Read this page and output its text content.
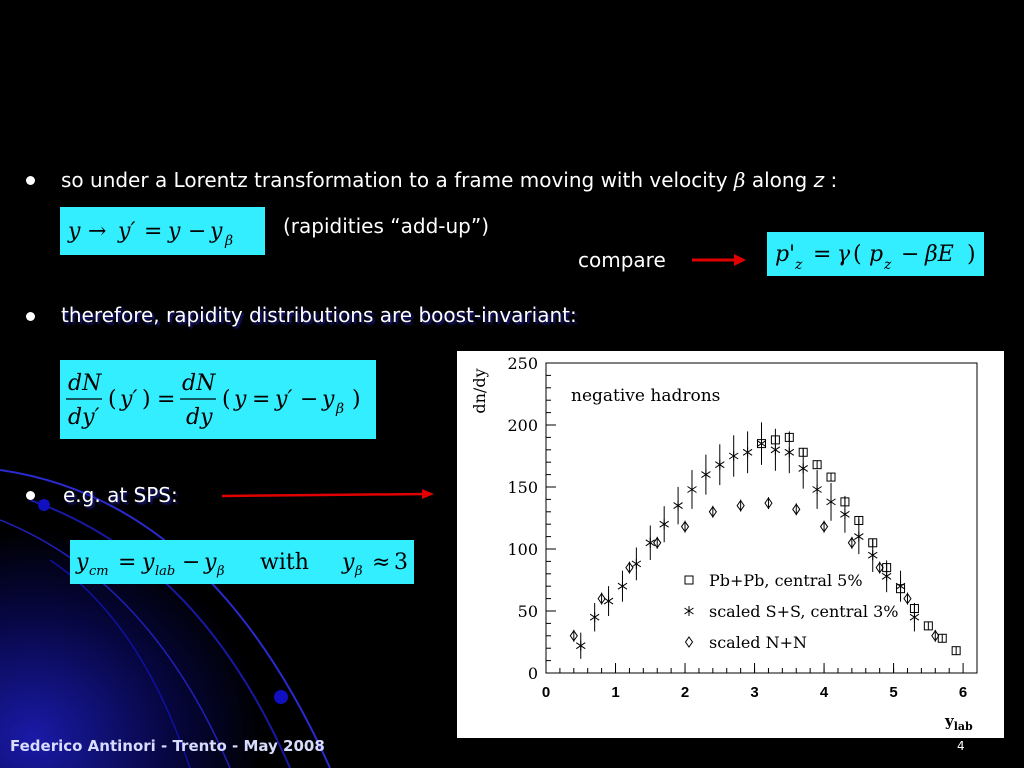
so under a Lorentz transformation to a frame moving with velocity β along z :
y → y′ = y − y β
(rapidities “add-up”)
compare	p ' z = γ ( p z − βE )
therefore, rapidity distributions are boost-invariant:
dN
dy′
( y′ ) =
dN
dy
( y = y′ − y β )
e.g. at SPS:
y cm = y lab − y β with y β ≈ 3
0
50
100
150
200
250
0	1	2	3	4	5	6
dn/dy
$y_{lab}$
negative hadrons
Pb+Pb, central 5%
scaled S+S, central 3%
scaled N+N
Federico Antinori - Trento - May 2008	4
